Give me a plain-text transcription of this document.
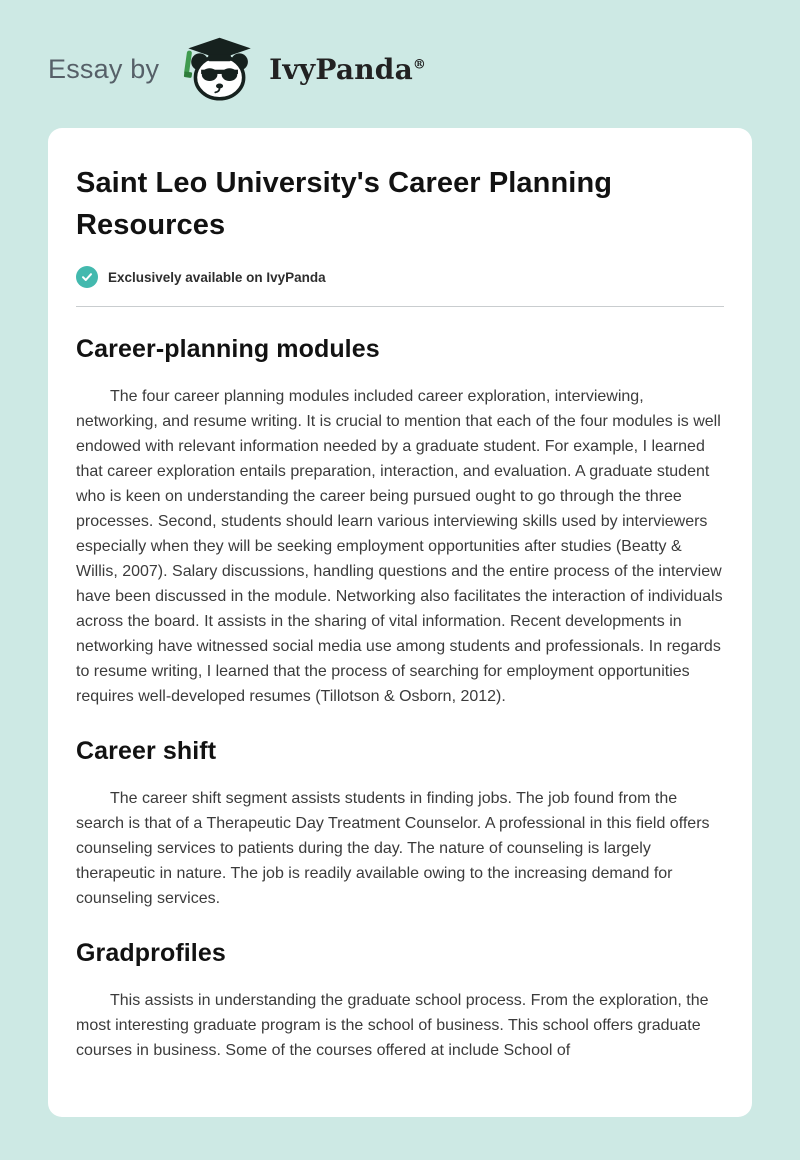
Essay by	IvyPanda®
Saint Leo University's Career Planning Resources
Exclusively available on IvyPanda
Career-planning modules

The four career planning modules included career exploration, interviewing, networking, and resume writing. It is crucial to mention that each of the four modules is well endowed with relevant information needed by a graduate student. For example, I learned that career exploration entails preparation, interaction, and evaluation. A graduate student who is keen on understanding the career being pursued ought to go through the three processes. Second, students should learn various interviewing skills used by interviewers especially when they will be seeking employment opportunities after studies (Beatty & Willis, 2007). Salary discussions, handling questions and the entire process of the interview have been discussed in the module. Networking also facilitates the interaction of individuals across the board. It assists in the sharing of vital information. Recent developments in networking have witnessed social media use among students and professionals. In regards to resume writing, I learned that the process of searching for employment opportunities requires well-developed resumes (Tillotson & Osborn, 2012).

Career shift

The career shift segment assists students in finding jobs. The job found from the search is that of a Therapeutic Day Treatment Counselor. A professional in this field offers counseling services to patients during the day. The nature of counseling is largely therapeutic in nature. The job is readily available owing to the increasing demand for counseling services.

Gradprofiles

This assists in understanding the graduate school process. From the exploration, the most interesting graduate program is the school of business. This school offers graduate courses in business. Some of the courses offered at include School of
